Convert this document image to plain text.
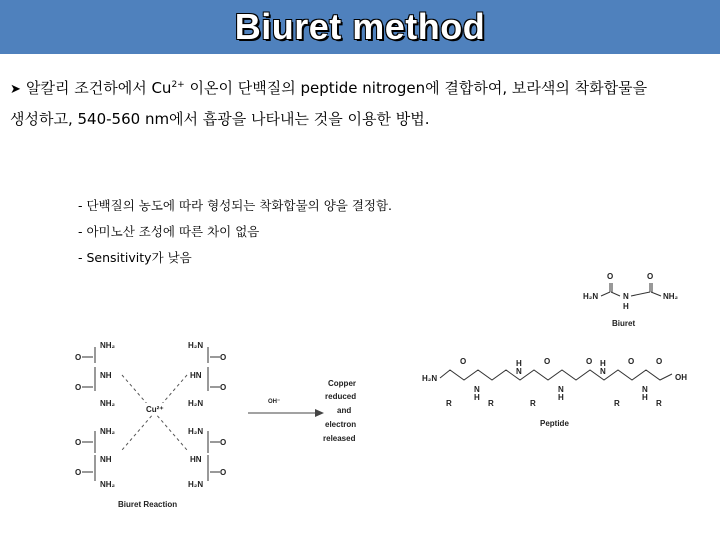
Biuret method
➤ 알칼리 조건하에서 $Cu^{2+}$ 이온이 단백질의 peptide nitrogen에 결합하여, 보라색의 착화합물을
생성하고, 540-560 nm에서 흡광을 나타내는 것을 이용한 방법.
- 단백질의 농도에 따라 형성되는 착화합물의 양을 결정함.
- 아미노산 조성에 따른 차이 없음
- Sensitivity가 낮음
O	O
H₂N	N
H
NH₂
Biuret
NH₂
O
NH
O
NH₂
NH₂
O
NH
O
NH₂
H₂N
O
HN
O
H₂N
H₂N
O
HN
O
H₂N
Cu²⁺
OH⁻
Copper
reduced
and
electron
released
Biuret Reaction
H₂N	OH
O	O	O	O	O
N
H
N
H
N
H
N
H
N
H
R	R	R	R	R
Peptide
